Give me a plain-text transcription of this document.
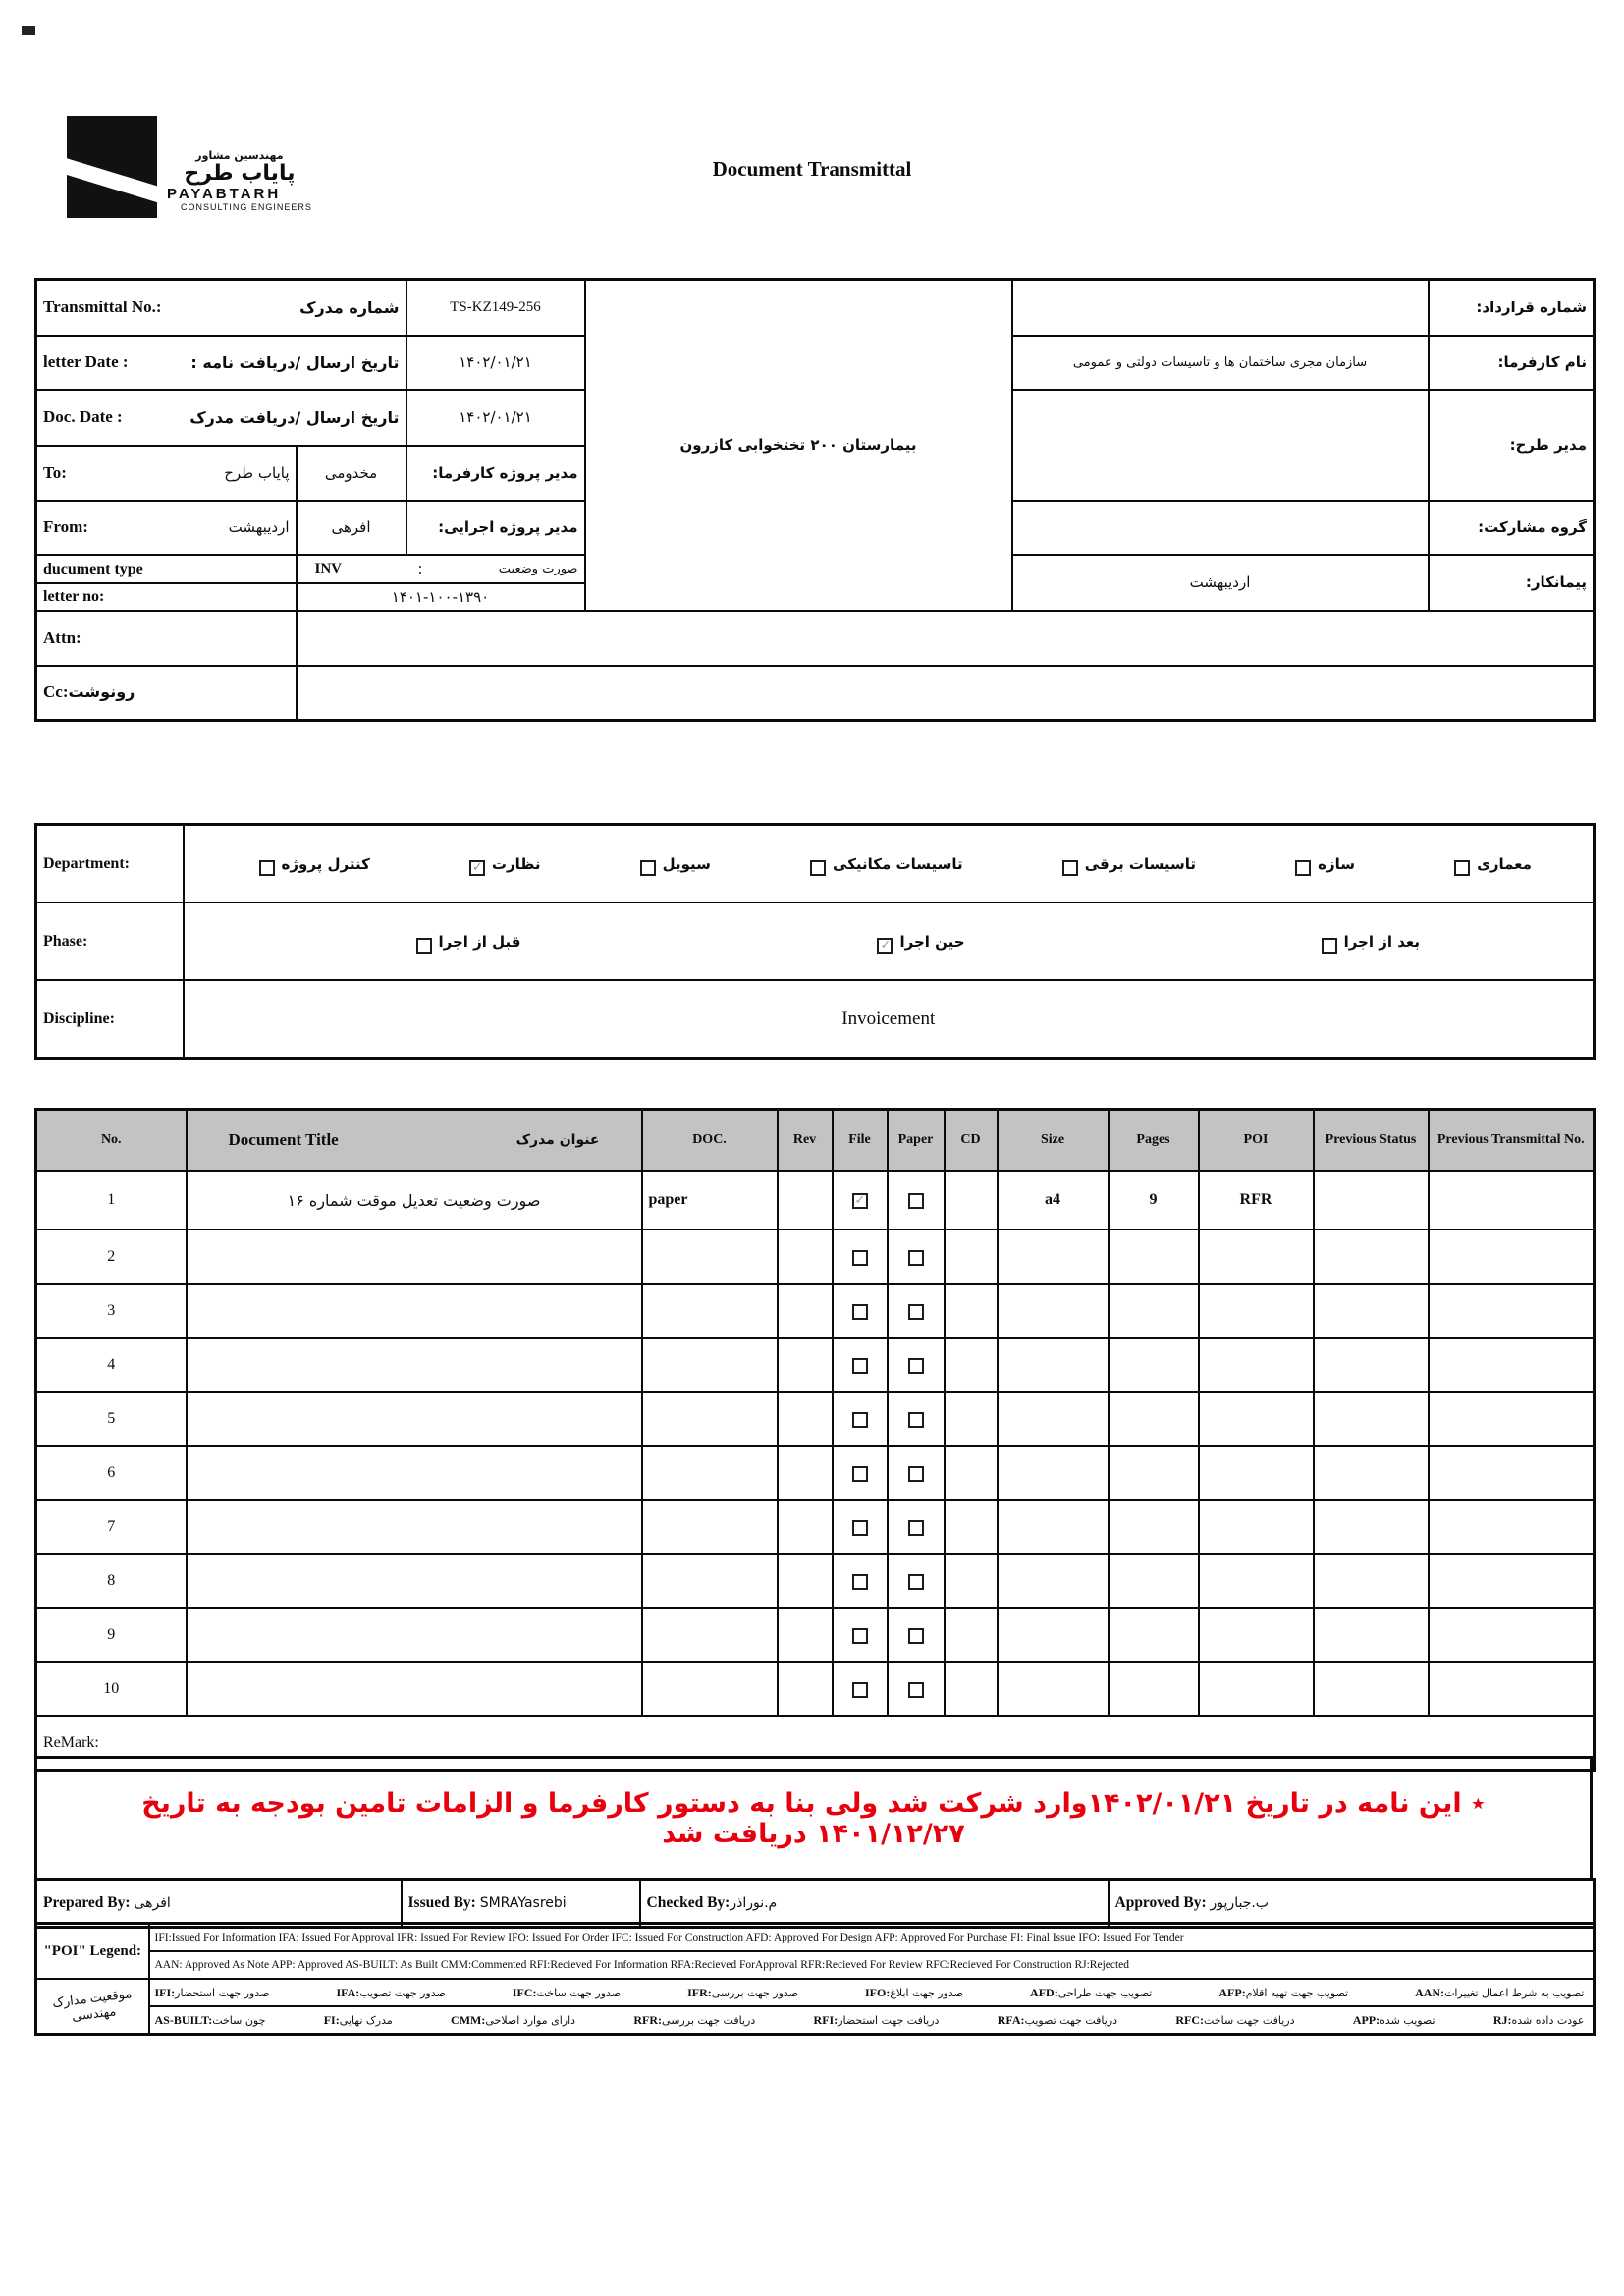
مهندسین مشاور
پایاب طرح
PAYABTARH
CONSULTING ENGINEERS
Document Transmittal
Transmittal No.: شماره مدرک		TS-KZ149-256	بیمارستان ۲۰۰ تختخوابی کازرون		شماره قرارداد:

letter Date : تاریخ ارسال /دریافت نامه :		۱۴۰۲/۰۱/۲۱		سازمان مجری ساختمان ها و تاسیسات دولتی و عمومی	نام کارفرما:

Doc. Date : تاریخ ارسال /دریافت مدرک		۱۴۰۲/۰۱/۲۱			مدیر طرح:

To: پایاب طرح	مخدومی	مدیر پروژه کارفرما:			

From: اردیبهشت	افرهی	مدیر پروژه اجرایی:			گروه مشارکت:
ducument type	INV : صورت وضعیت			اردیبهشت	پیمانکار:
letter no:	۱۴۰۱-۱۰۰-۱۳۹۰				
Attn:					
Cc:رونوشت					
Department:	کنترل پروژه ✓	نظارت	سیویل	تاسیسات مکانیکی	تاسیسات برقی	سازه	معماری

Phase:	قبل از اجرا ✓ حین اجرا بعد از اجرا

Discipline:	Invoicement
No.	Document Title عنوان مدرک	DOC.	Rev	File	Paper	CD	Size	Pages	POI	Previous Status	Previous Transmittal No.
1	صورت وضعیت تعدیل موقت شماره ۱۶	paper		✓			a4	9	RFR		
2											
3											
4											
5											
6											
7											
8											
9											
10											
ReMark:											
٭ این نامه در تاریخ ۱۴۰۲/۰۱/۲۱وارد شرکت شد ولی بنا به دستور کارفرما و الزامات تامین بودجه به تاریخ ۱۴۰۱/۱۲/۲۷ دریافت شد
Prepared By: افرهی	Issued By: SMRAYasrebi	Checked By:م.نوراذر	Approved By: ب.جبارپور
"POI" Legend:	IFI:Issued For Information IFA: Issued For Approval IFR: Issued For Review IFO: Issued For Order IFC: Issued For Construction AFD: Approved For Design AFP: Approved For Purchase FI: Final Issue IFO: Issued For Tender
	AAN: Approved As Note APP: Approved AS-BUILT: As Built CMM:Commented RFI:Recieved For Information RFA:Recieved ForApproval RFR:Recieved For Review RFC:Recieved For Construction RJ:Rejected
موقعیت مدارک مهندسی	
IFI: صدور جهت استحضار	IFA: صدور جهت تصویب	IFC: صدور جهت ساخت	IFR: صدور جهت بررسی	IFO: صدور جهت ابلاغ	AFD: تصویب جهت طراحی	AFP: تصویب جهت تهیه اقلام	AAN: تصویب به شرط اعمال تغییرات

AS-BUILT: چون ساخت	FI: مدرک نهایی	CMM: دارای موارد اصلاحی	RFR: دریافت جهت بررسی	RFI: دریافت جهت استحضار	RFA: دریافت جهت تصویب	RFC: دریافت جهت ساخت	APP: تصویب شده	RJ: عودت داده شده
